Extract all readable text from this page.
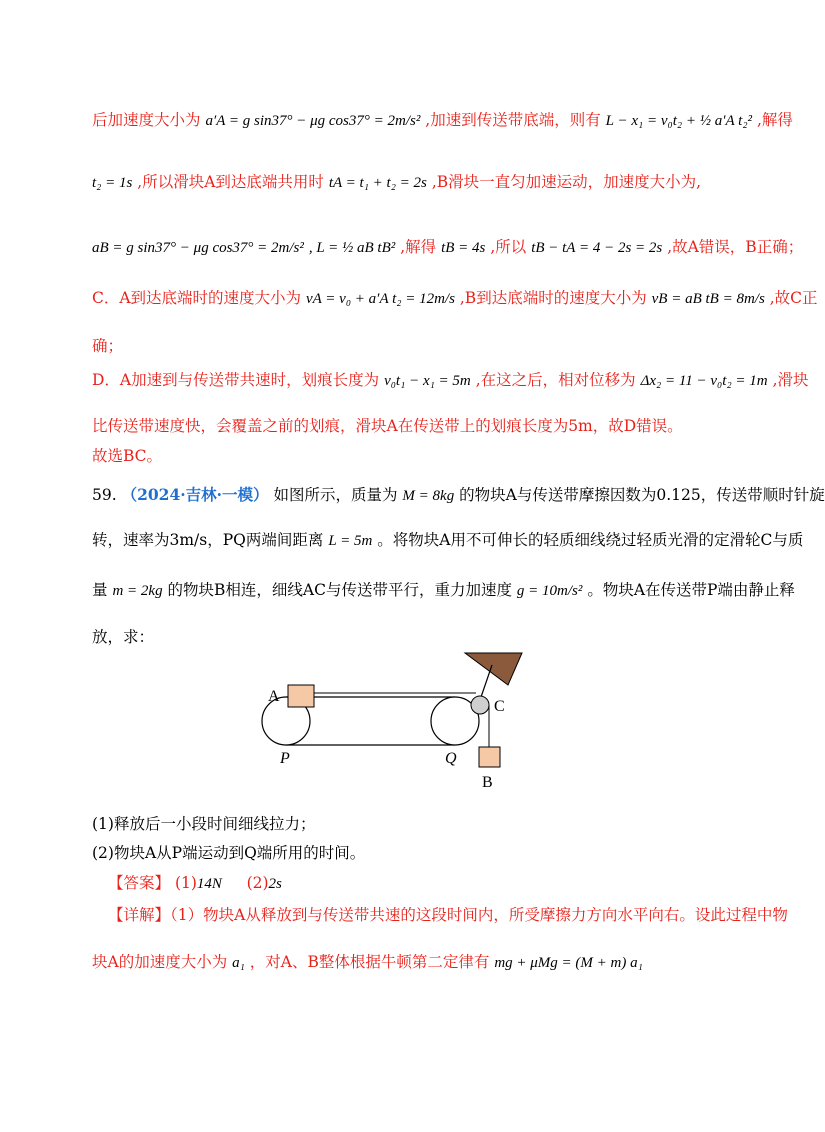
后加速度大小为 a′A = g sin37° − μg cos37° = 2m/s² ,加速到传送带底端，则有 L − x₁ = v₀t₂ + ½ a′A t₂² ,解得
t₂ = 1s ,所以滑块A到达底端共用时 tA = t₁ + t₂ = 2s ,B滑块一直匀加速运动，加速度大小为,
aB = g sin37° − μg cos37° = 2m/s² , L = ½ aB tB² ,解得 tB = 4s ,所以 tB − tA = 4 − 2s = 2s ,故A错误，B正确；
C．A到达底端时的速度大小为 vA = v₀ + a′A t₂ = 12m/s ,B到达底端时的速度大小为 vB = aB tB = 8m/s ,故C正
确；
D．A加速到与传送带共速时，划痕长度为 v₀t₁ − x₁ = 5m ,在这之后，相对位移为 Δx₂ = 11 − v₀t₂ = 1m ,滑块
比传送带速度快，会覆盖之前的划痕，滑块A在传送带上的划痕长度为5m，故D错误。
故选BC。
59. （2024·吉林·一模） 如图所示，质量为 M = 8kg 的物块A与传送带摩擦因数为0.125，传送带顺时针旋
转，速率为3m/s，PQ两端间距离 L = 5m 。将物块A用不可伸长的轻质细线绕过轻质光滑的定滑轮C与质
量 m = 2kg 的物块B相连，细线AC与传送带平行，重力加速度 g = 10m/s² 。物块A在传送带P端由静止释
放，求：
A
C
P	Q
B
(1)释放后一小段时间细线拉力；
(2)物块A从P端运动到Q端所用的时间。
【答案】 (1)14N (2)2s
【详解】（1）物块A从释放到与传送带共速的这段时间内，所受摩擦力方向水平向右。设此过程中物
块A的加速度大小为 a₁ ，对A、B整体根据牛顿第二定律有 mg + μMg = (M + m) a₁
